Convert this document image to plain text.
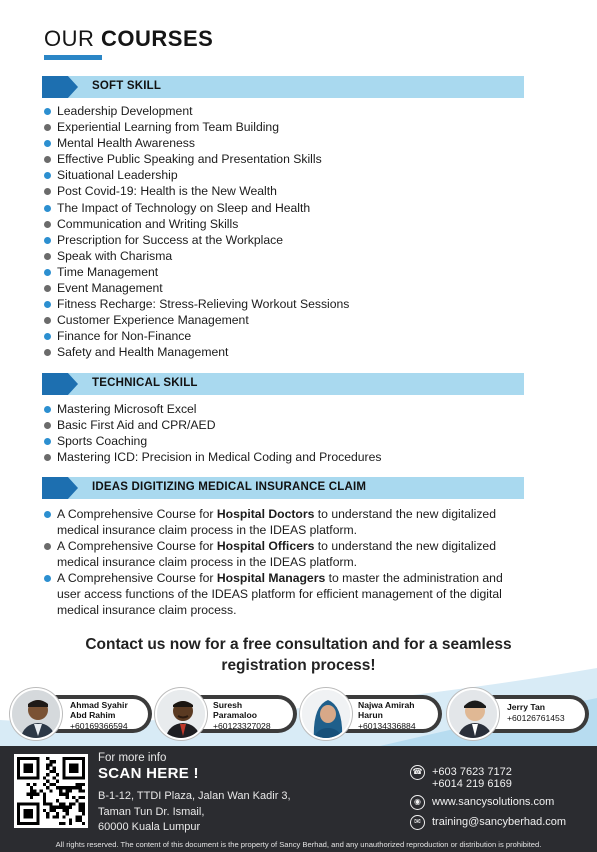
OUR COURSES
SOFT SKILL
Leadership Development
Experiential Learning from Team Building
Mental Health Awareness
Effective Public Speaking and Presentation Skills
Situational Leadership
Post Covid-19: Health is the New Wealth
The Impact of Technology on Sleep and Health
Communication and Writing Skills
Prescription for Success at the Workplace
Speak with Charisma
Time Management
Event Management
Fitness Recharge: Stress-Relieving Workout Sessions
Customer Experience Management
Finance for Non-Finance
Safety and Health Management
TECHNICAL SKILL
Mastering Microsoft Excel
Basic First Aid and CPR/AED
Sports Coaching
Mastering ICD: Precision in Medical Coding and Procedures
IDEAS DIGITIZING MEDICAL INSURANCE CLAIM
A Comprehensive Course for Hospital Doctors to understand the new digitalized medical insurance claim process in the IDEAS platform.
A Comprehensive Course for Hospital Officers to understand the new digitalized medical insurance claim process in the IDEAS platform.
A Comprehensive Course for Hospital Managers to master the administration and user access functions of the IDEAS platform for efficient management of the digital medical insurance claim process.
Contact us now for a free consultation and for a seamless
registration process!
Ahmad Syahir
Abd Rahim
+60169366594
Suresh
Paramaloo
+60123327028
Najwa Amirah
Harun
+60134336884
Jerry Tan
+60126761453
For more info
SCAN HERE !
B-1-12, TTDI Plaza, Jalan Wan Kadir 3,
Taman Tun Dr. Ismail,
60000 Kuala Lumpur
☎ +603 7623 7172
+6014 219 6169
◉	www.sancysolutions.com
✉	training@sancyberhad.com
All rights reserved. The content of this document is the property of Sancy Berhad, and any unauthorized reproduction or distribution is prohibited.
